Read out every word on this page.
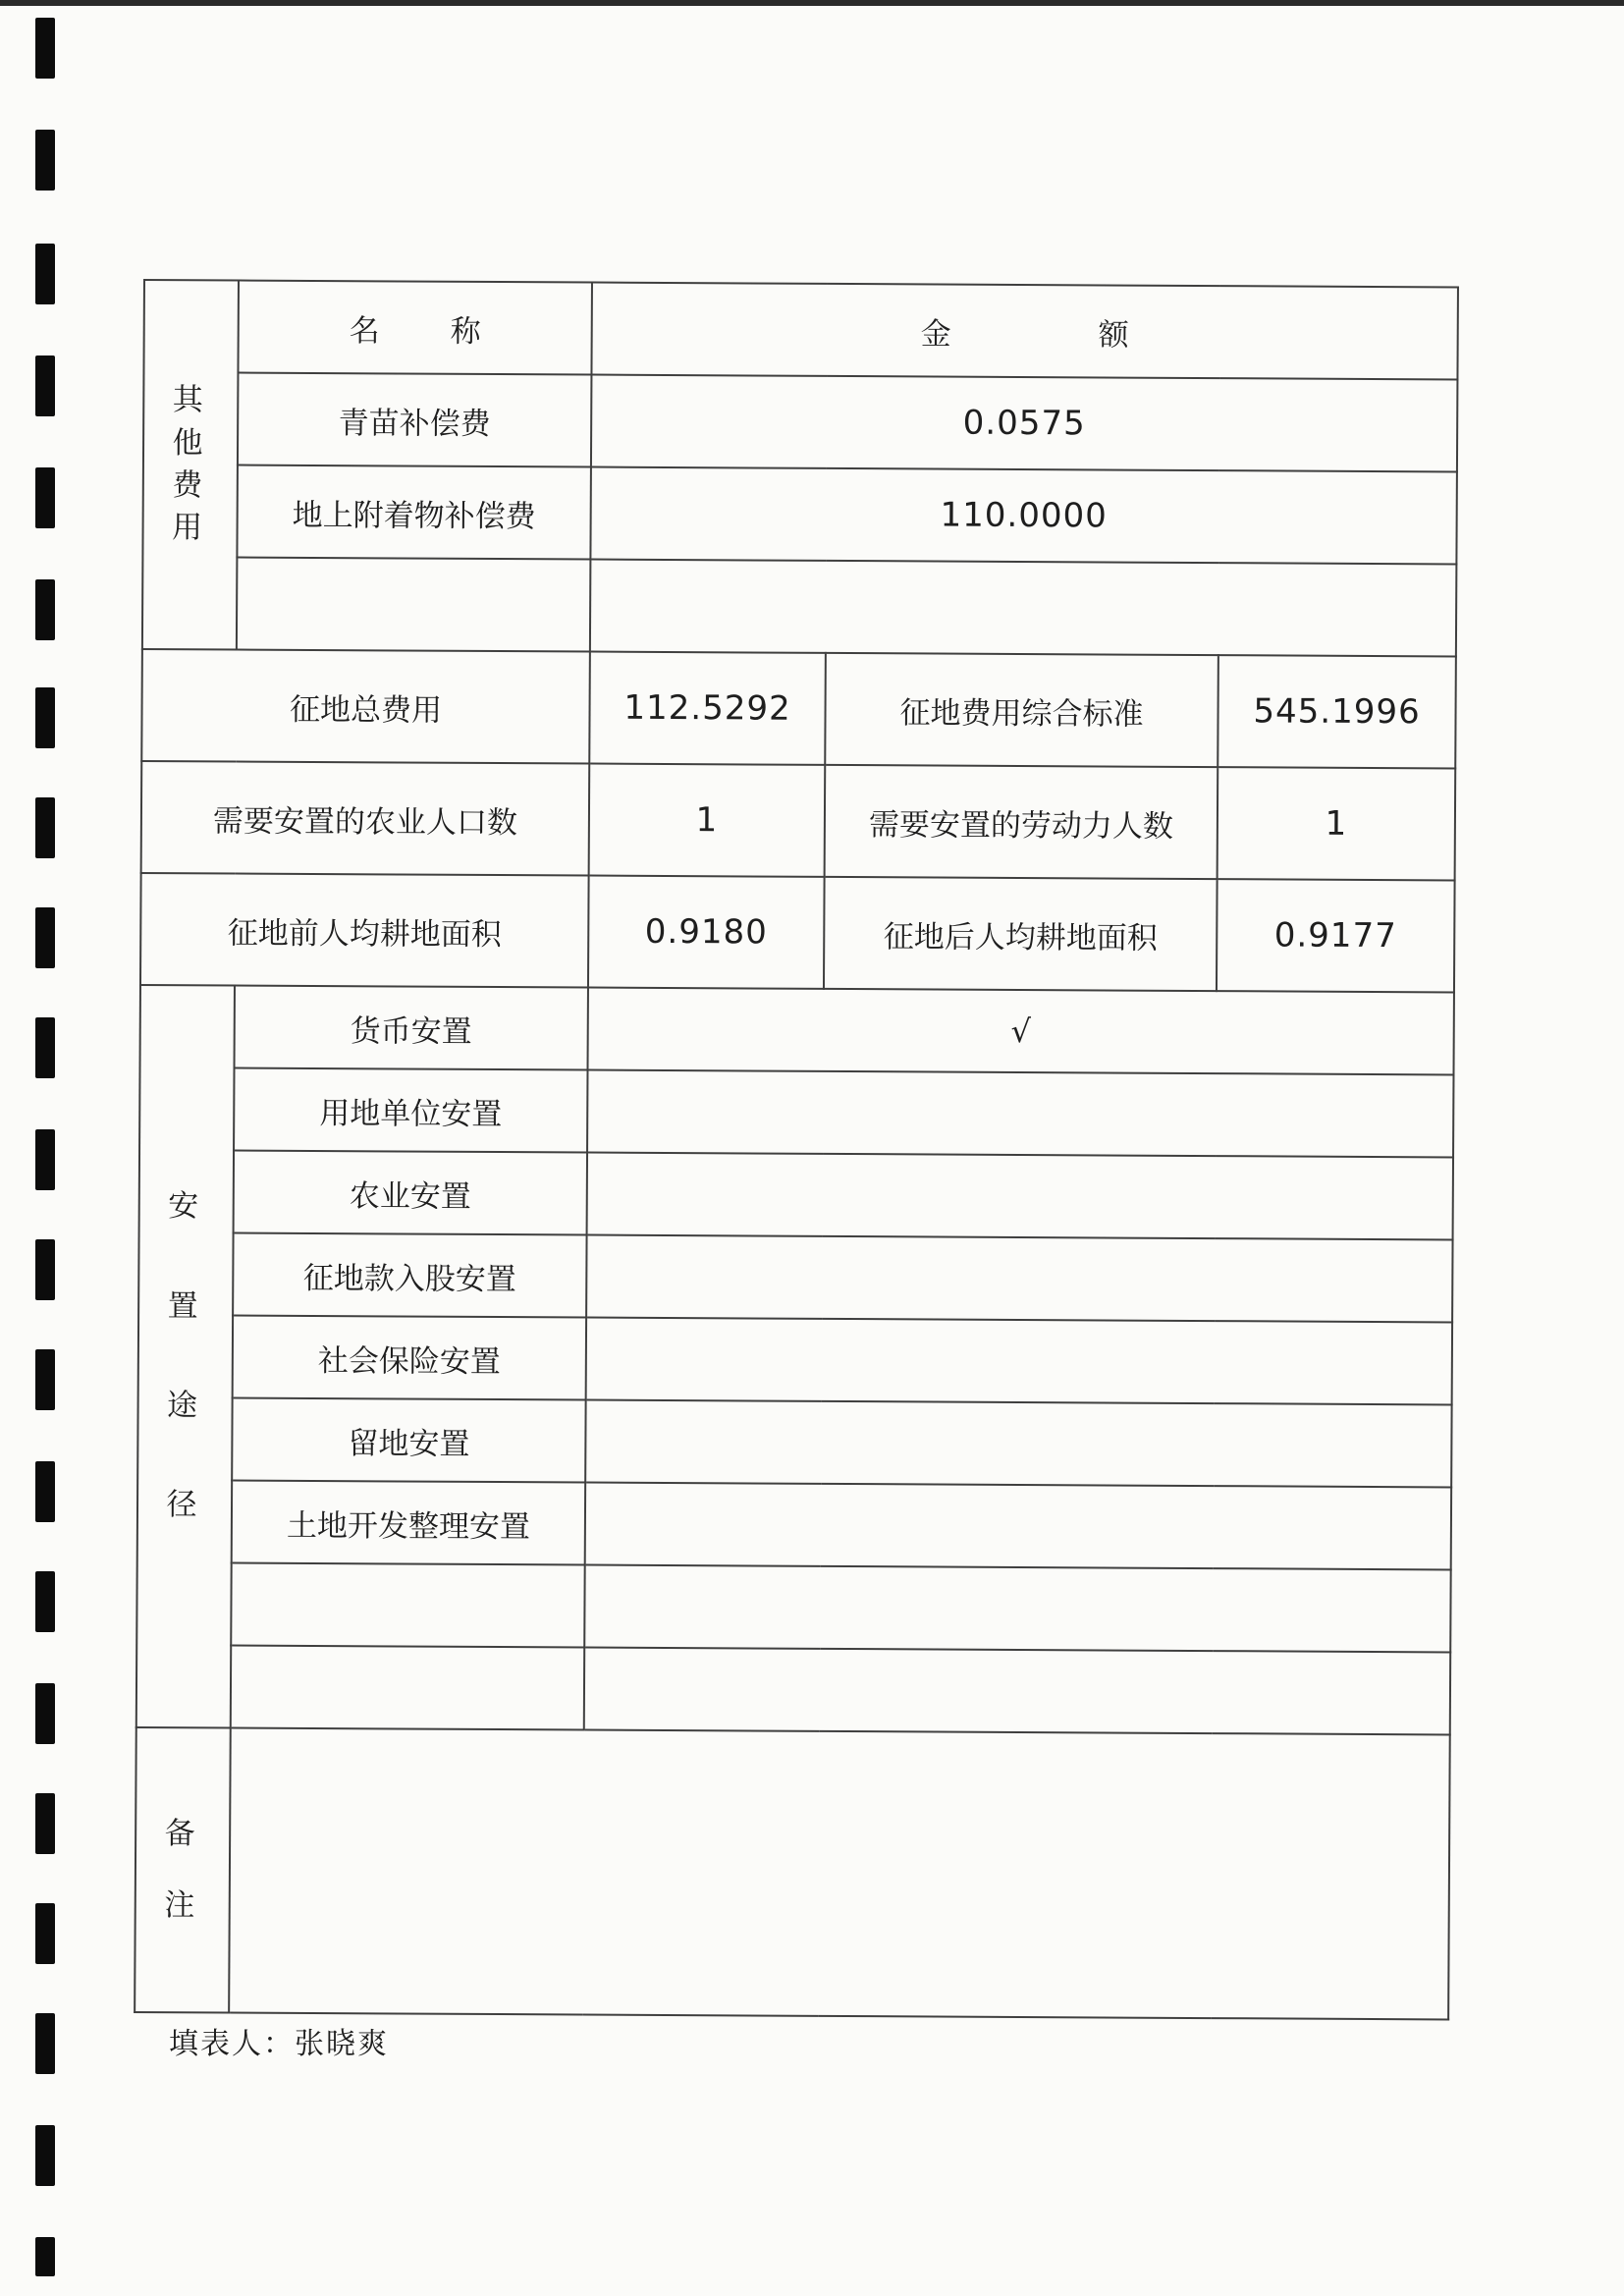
其
他
费
用	名称	金额		
	青苗补偿费	0.0575		
	地上附着物补偿费	110.0000		

征地总费用		112.5292	征地费用综合标准	545.1996
需要安置的农业人口数		1	需要安置的劳动力人数	1
征地前人均耕地面积		0.9180	征地后人均耕地面积	0.9177

安
置
途
径	货币安置	√		
	用地单位安置			
	农业安置			
	征地款入股安置			
	社会保险安置			
	留地安置			
	土地开发整理安置			

备
注				

填表人：张晓爽
